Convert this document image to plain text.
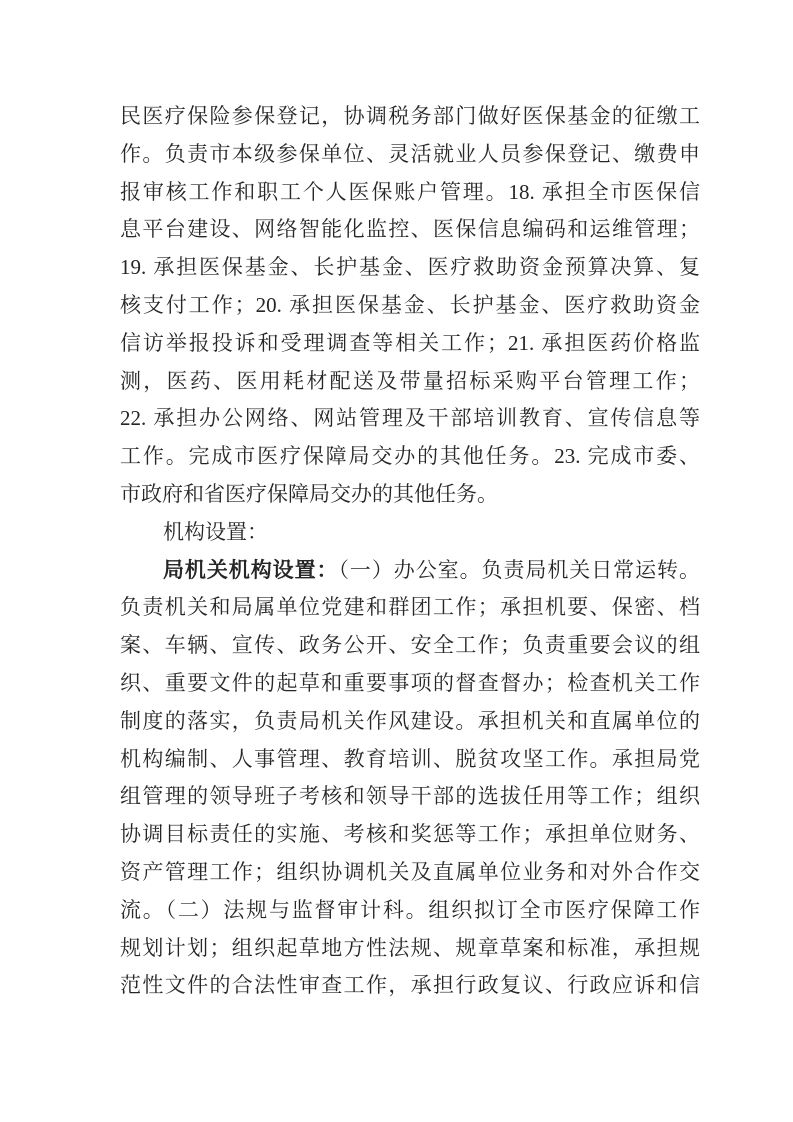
民医疗保险参保登记，协调税务部门做好医保基金的征缴工
作。负责市本级参保单位、灵活就业人员参保登记、缴费申
报审核工作和职工个人医保账户管理。18. 承担全市医保信
息平台建设、网络智能化监控、医保信息编码和运维管理；
19. 承担医保基金、长护基金、医疗救助资金预算决算、复
核支付工作；20. 承担医保基金、长护基金、医疗救助资金
信访举报投诉和受理调查等相关工作；21. 承担医药价格监
测，医药、医用耗材配送及带量招标采购平台管理工作；
22. 承担办公网络、网站管理及干部培训教育、宣传信息等
工作。完成市医疗保障局交办的其他任务。23. 完成市委、
市政府和省医疗保障局交办的其他任务。
机构设置：
局机关机构设置：（一）办公室。负责局机关日常运转。
负责机关和局属单位党建和群团工作；承担机要、保密、档
案、车辆、宣传、政务公开、安全工作；负责重要会议的组
织、重要文件的起草和重要事项的督查督办；检查机关工作
制度的落实，负责局机关作风建设。承担机关和直属单位的
机构编制、人事管理、教育培训、脱贫攻坚工作。承担局党
组管理的领导班子考核和领导干部的选拔任用等工作；组织
协调目标责任的实施、考核和奖惩等工作；承担单位财务、
资产管理工作；组织协调机关及直属单位业务和对外合作交
流。（二）法规与监督审计科。组织拟订全市医疗保障工作
规划计划；组织起草地方性法规、规章草案和标准，承担规
范性文件的合法性审查工作，承担行政复议、行政应诉和信
